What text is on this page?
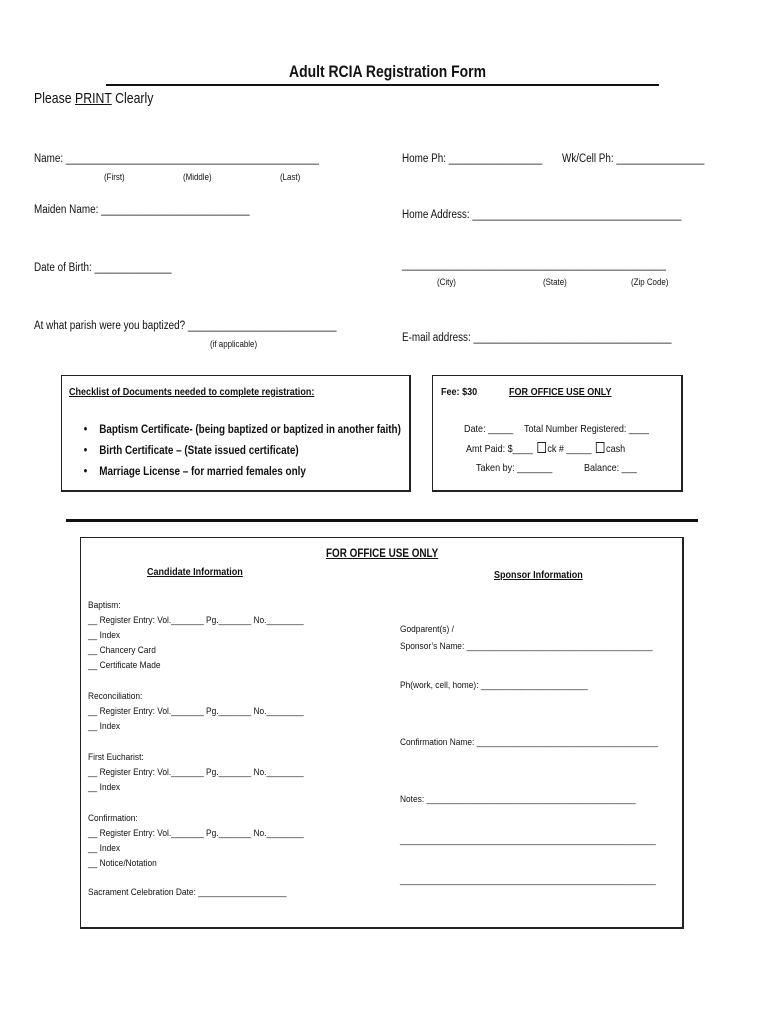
Adult RCIA Registration Form
Please PRINT Clearly
Name: ______________________________________________
(First)	(Middle)	(Last)
Maiden Name: ___________________________
Date of Birth: ______________
At what parish were you baptized? ___________________________
(if applicable)
Home Ph: _________________ Wk/Cell Ph: ________________
Home Address: ______________________________________
________________________________________________
(City)	(State)	(Zip Code)
E-mail address: ____________________________________
Checklist of Documents needed to complete registration:
• Baptism Certificate- (being baptized or baptized in another faith)
• Birth Certificate – (State issued certificate)
• Marriage License – for married females only
Fee: $30	FOR OFFICE USE ONLY
Date: _____ Total Number Registered: ____
Amt Paid: $____ ck # _____ cash
Taken by: _______	Balance: ___
FOR OFFICE USE ONLY
Candidate Information	Sponsor Information
Baptism:
__ Register Entry: Vol._______ Pg._______ No.________
__ Index
__ Chancery Card
__ Certificate Made
Reconciliation:
__ Register Entry: Vol._______ Pg._______ No.________
__ Index
First Eucharist:
__ Register Entry: Vol._______ Pg._______ No.________
__ Index
Confirmation:
__ Register Entry: Vol._______ Pg._______ No.________
__ Index
__ Notice/Notation
Sacrament Celebration Date: ___________________
Godparent(s) /
Sponsor’s Name: ________________________________________
Ph(work, cell, home): _______________________
Confirmation Name: _______________________________________
Notes: _____________________________________________
_______________________________________________________
_______________________________________________________
